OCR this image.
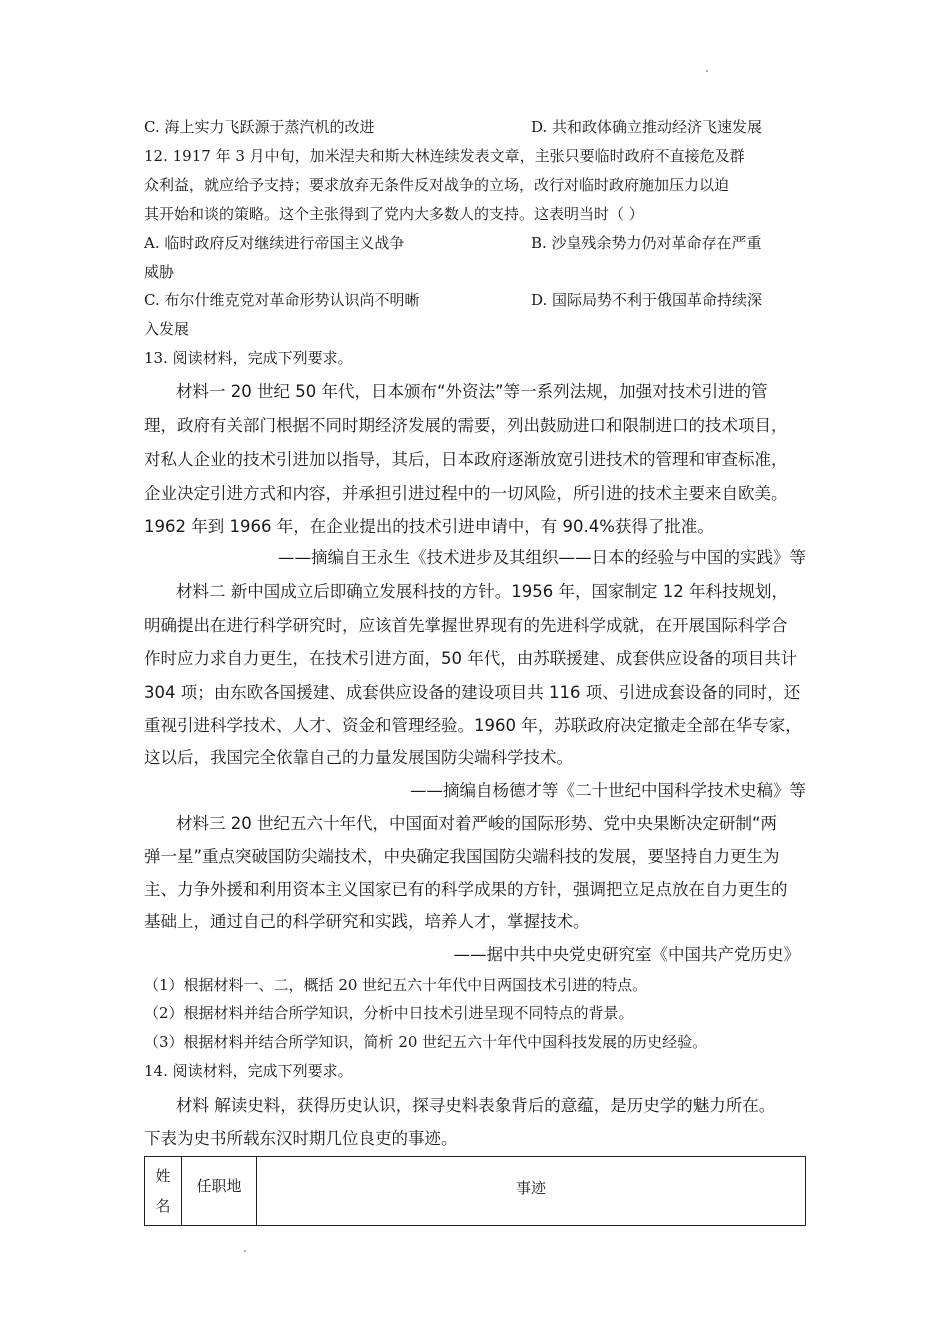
C. 海上实力飞跃源于蒸汽机的改进	D. 共和政体确立推动经济飞速发展
12. 1917 年 3 月中旬，加米涅夫和斯大林连续发表文章，主张只要临时政府不直接危及群
众利益，就应给予支持；要求放弃无条件反对战争的立场，改行对临时政府施加压力以迫
其开始和谈的策略。这个主张得到了党内大多数人的支持。这表明当时（ ）
A. 临时政府反对继续进行帝国主义战争	B. 沙皇残余势力仍对革命存在严重
威胁
C. 布尔什维克党对革命形势认识尚不明晰	D. 国际局势不利于俄国革命持续深
入发展
13. 阅读材料，完成下列要求。
材料一 20 世纪 50 年代，日本颁布“外资法”等一系列法规，加强对技术引进的管
理，政府有关部门根据不同时期经济发展的需要，列出鼓励进口和限制进口的技术项目，
对私人企业的技术引进加以指导，其后，日本政府逐渐放宽引进技术的管理和审查标准，
企业决定引进方式和内容，并承担引进过程中的一切风险，所引进的技术主要来自欧美。
1962 年到 1966 年，在企业提出的技术引进申请中，有 90.4%获得了批准。
——摘编自王永生《技术进步及其组织——日本的经验与中国的实践》等
材料二 新中国成立后即确立发展科技的方针。1956 年，国家制定 12 年科技规划，
明确提出在进行科学研究时，应该首先掌握世界现有的先进科学成就，在开展国际科学合
作时应力求自力更生，在技术引进方面，50 年代，由苏联援建、成套供应设备的项目共计
304 项；由东欧各国援建、成套供应设备的建设项目共 116 项、引进成套设备的同时，还
重视引进科学技术、人才、资金和管理经验。1960 年，苏联政府决定撤走全部在华专家，
这以后，我国完全依靠自己的力量发展国防尖端科学技术。
——摘编自杨德才等《二十世纪中国科学技术史稿》等
材料三 20 世纪五六十年代，中国面对着严峻的国际形势、党中央果断决定研制“两
弹一星”重点突破国防尖端技术，中央确定我国国防尖端科技的发展，要坚持自力更生为
主、力争外援和利用资本主义国家已有的科学成果的方针，强调把立足点放在自力更生的
基础上，通过自己的科学研究和实践，培养人才，掌握技术。
——据中共中央党史研究室《中国共产党历史》
（1）根据材料一、二，概括 20 世纪五六十年代中日两国技术引进的特点。
（2）根据材料并结合所学知识，分析中日技术引进呈现不同特点的背景。
（3）根据材料并结合所学知识，简析 20 世纪五六十年代中国科技发展的历史经验。
14. 阅读材料，完成下列要求。
材料 解读史料，获得历史认识，探寻史料表象背后的意蕴，是历史学的魅力所在。
下表为史书所载东汉时期几位良吏的事迹。
姓
名
	任职地	事迹
